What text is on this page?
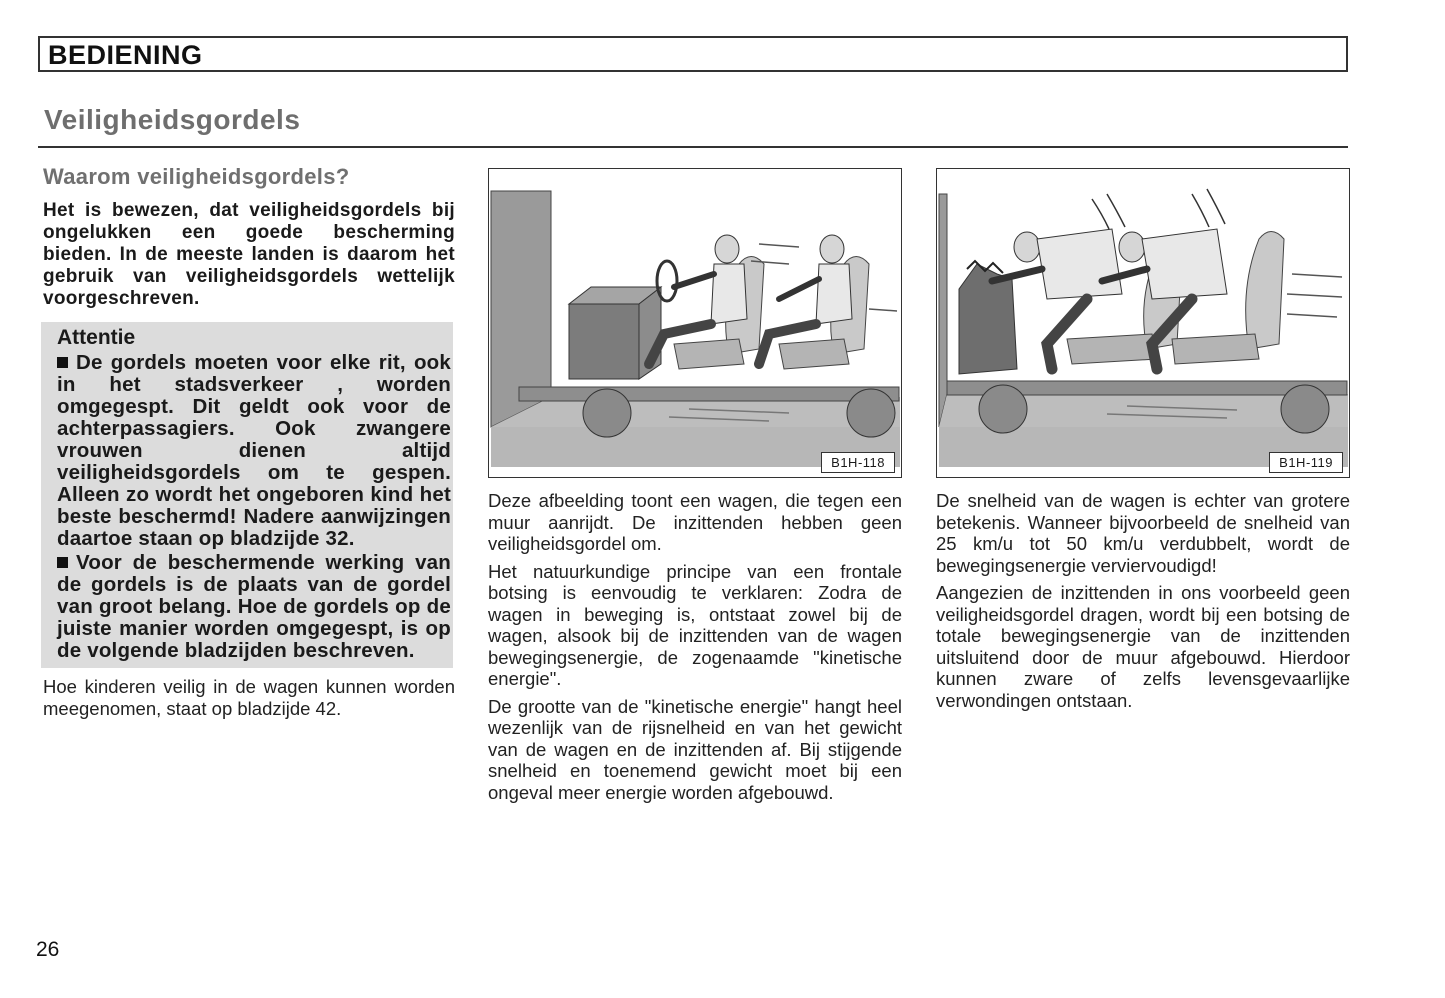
BEDIENING
Veiligheidsgordels
Waarom veiligheidsgordels?

Het is bewezen, dat veiligheidsgordels bij ongelukken een goede bescherming bieden. In de meeste landen is daarom het gebruik van veiligheidsgordels wettelijk voorgeschreven.

Attentie

De gordels moeten voor elke rit, ook in het stadsverkeer , worden omgegespt. Dit geldt ook voor de achterpassagiers. Ook zwangere vrouwen dienen altijd veiligheidsgordels om te gespen. Alleen zo wordt het ongeboren kind het beste beschermd! Nadere aanwijzingen daartoe staan op bladzijde 32.

Voor de beschermende werking van de gordels is de plaats van de gordel van groot belang. Hoe de gordels op de juiste manier worden omgegespt, is op de volgende bladzijden beschreven.

Hoe kinderen veilig in de wagen kunnen worden meegenomen, staat op bladzijde 42.

B1H-118

Deze afbeelding toont een wagen, die tegen een muur aanrijdt. De inzittenden hebben geen veiligheidsgordel om.

Het natuurkundige principe van een frontale botsing is eenvoudig te verklaren: Zodra de wagen in beweging is, ontstaat zowel bij de wagen, alsook bij de inzittenden van de wagen bewegingsenergie, de zogenaamde "kinetische energie".

De grootte van de "kinetische energie" hangt heel wezenlijk van de rijsnelheid en van het gewicht van de wagen en de inzittenden af. Bij stijgende snelheid en toenemend gewicht moet bij een ongeval meer energie worden afgebouwd.

B1H-119

De snelheid van de wagen is echter van grotere betekenis. Wanneer bijvoorbeeld de snelheid van 25 km/u tot 50 km/u verdubbelt, wordt de bewegingsenergie verviervoudigd!

Aangezien de inzittenden in ons voorbeeld geen veiligheidsgordel dragen, wordt bij een botsing de totale bewegingsenergie van de inzittenden uitsluitend door de muur afgebouwd. Hierdoor kunnen zware of zelfs levensgevaarlijke verwondingen ontstaan.

26
